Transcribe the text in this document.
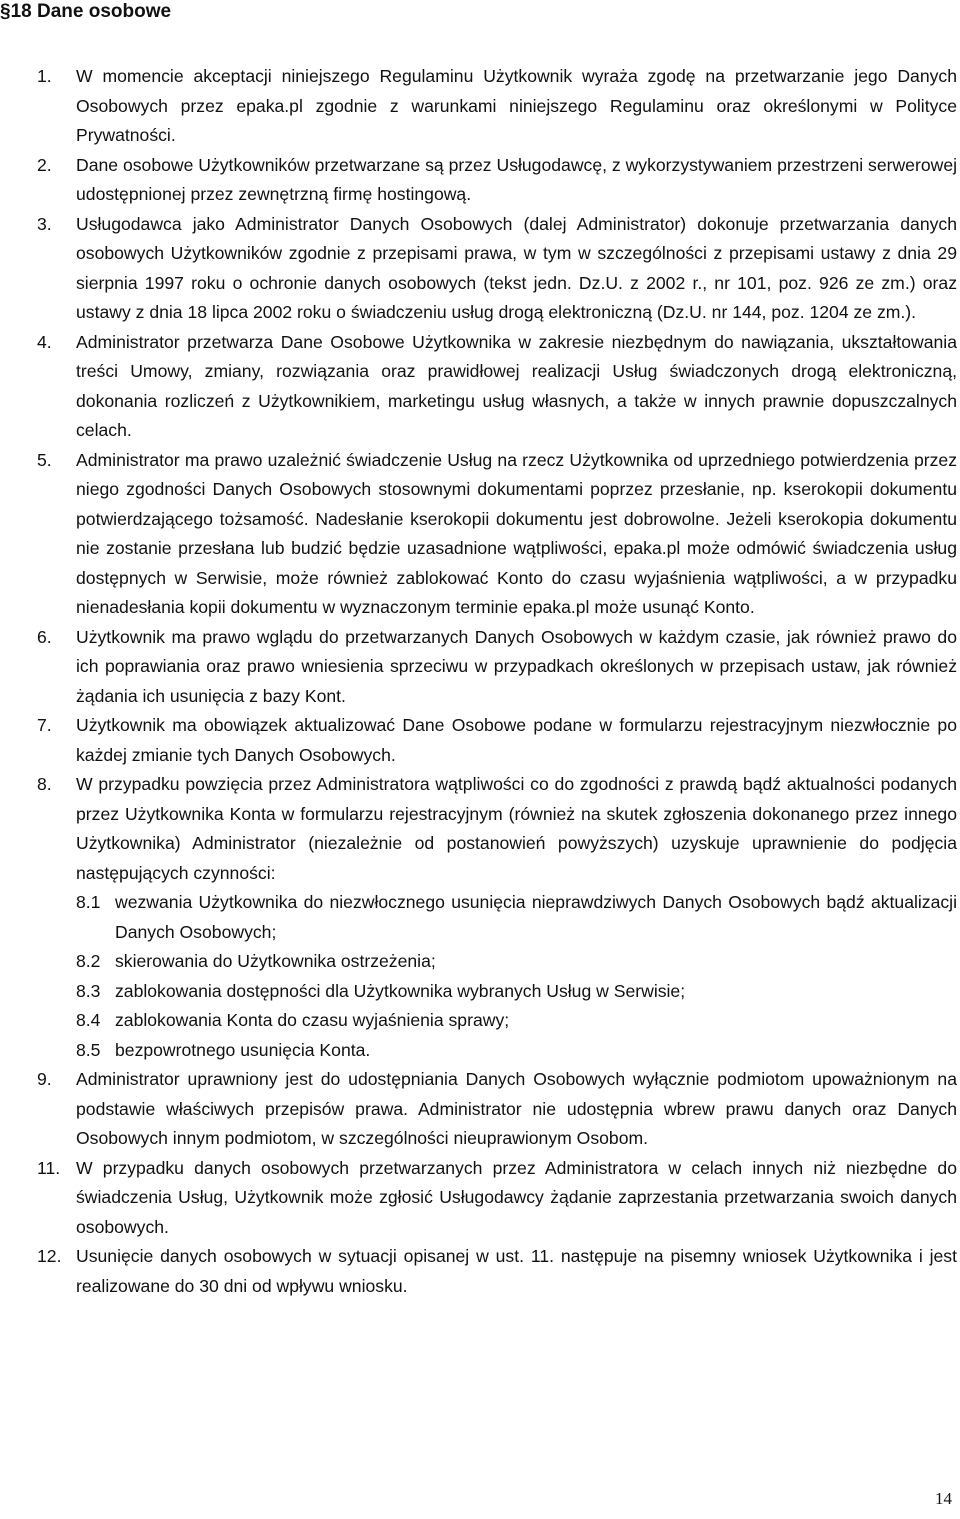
§18 Dane osobowe
1.	W momencie akceptacji niniejszego Regulaminu Użytkownik wyraża zgodę na przetwarzanie jego Danych Osobowych przez epaka.pl zgodnie z warunkami niniejszego Regulaminu oraz określonymi w Polityce Prywatności.
2.	Dane osobowe Użytkowników przetwarzane są przez Usługodawcę, z wykorzystywaniem przestrzeni serwerowej udostępnionej przez zewnętrzną firmę hostingową.
3.	Usługodawca jako Administrator Danych Osobowych (dalej Administrator) dokonuje przetwarzania danych osobowych Użytkowników zgodnie z przepisami prawa, w tym w szczególności z przepisami ustawy z dnia 29 sierpnia 1997 roku o ochronie danych osobowych (tekst jedn. Dz.U. z 2002 r., nr 101, poz. 926 ze zm.) oraz ustawy z dnia 18 lipca 2002 roku o świadczeniu usług drogą elektroniczną (Dz.U. nr 144, poz. 1204 ze zm.).
4.	Administrator przetwarza Dane Osobowe Użytkownika w zakresie niezbędnym do nawiązania, ukształtowania treści Umowy, zmiany, rozwiązania oraz prawidłowej realizacji Usług świadczonych drogą elektroniczną, dokonania rozliczeń z Użytkownikiem, marketingu usług własnych, a także w innych prawnie dopuszczalnych celach.
5.	Administrator ma prawo uzależnić świadczenie Usług na rzecz Użytkownika od uprzedniego potwierdzenia przez niego zgodności Danych Osobowych stosownymi dokumentami poprzez przesłanie, np. kserokopii dokumentu potwierdzającego tożsamość. Nadesłanie kserokopii dokumentu jest dobrowolne. Jeżeli kserokopia dokumentu nie zostanie przesłana lub budzić będzie uzasadnione wątpliwości, epaka.pl może odmówić świadczenia usług dostępnych w Serwisie, może również zablokować Konto do czasu wyjaśnienia wątpliwości, a w przypadku nienadesłania kopii dokumentu w wyznaczonym terminie epaka.pl może usunąć Konto.
6.	Użytkownik ma prawo wglądu do przetwarzanych Danych Osobowych w każdym czasie, jak również prawo do ich poprawiania oraz prawo wniesienia sprzeciwu w przypadkach określonych w przepisach ustaw, jak również żądania ich usunięcia z bazy Kont.
7.	Użytkownik ma obowiązek aktualizować Dane Osobowe podane w formularzu rejestracyjnym niezwłocznie po każdej zmianie tych Danych Osobowych.
8.	W przypadku powzięcia przez Administratora wątpliwości co do zgodności z prawdą bądź aktualności podanych przez Użytkownika Konta w formularzu rejestracyjnym (również na skutek zgłoszenia dokonanego przez innego Użytkownika) Administrator (niezależnie od postanowień powyższych) uzyskuje uprawnienie do podjęcia następujących czynności:
8.1 wezwania Użytkownika do niezwłocznego usunięcia nieprawdziwych Danych Osobowych bądź aktualizacji Danych Osobowych;
8.2 skierowania do Użytkownika ostrzeżenia;
8.3 zablokowania dostępności dla Użytkownika wybranych Usług w Serwisie;
8.4 zablokowania Konta do czasu wyjaśnienia sprawy;
8.5 bezpowrotnego usunięcia Konta.
9.	Administrator uprawniony jest do udostępniania Danych Osobowych wyłącznie podmiotom upoważnionym na podstawie właściwych przepisów prawa. Administrator nie udostępnia wbrew prawu danych oraz Danych Osobowych innym podmiotom, w szczególności nieuprawionym Osobom.
11. W przypadku danych osobowych przetwarzanych przez Administratora w celach innych niż niezbędne do świadczenia Usług, Użytkownik może zgłosić Usługodawcy żądanie zaprzestania przetwarzania swoich danych osobowych.
12. Usunięcie danych osobowych w sytuacji opisanej w ust. 11. następuje na pisemny wniosek Użytkownika i jest realizowane do 30 dni od wpływu wniosku.
14
